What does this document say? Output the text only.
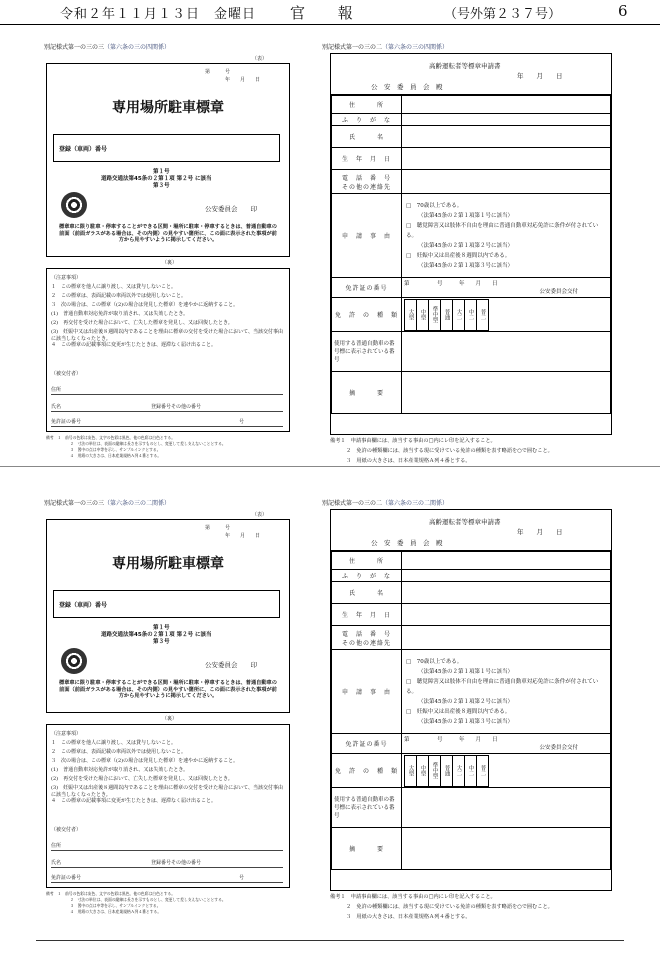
令和２年１１月１３日　金曜日 官 報	（号外第２３７号）	6
別記様式第一の三の三（第六条の三の四関係）
（表）
第　　　号
年　　月　　日
専用場所駐車標章
登録（車両）番号
第１号
道路交通法第45条の２第１項 第２号 に該当
第３号
公安委員会　　印
標章車に限り駐車・停車することができる区間・場所に駐車・停車するときは、普通自動車の前面（前面ガラスがある場合は、その内側）の見やすい箇所に、この面に表示された事項が前方から見やすいように掲示してください。
（裏）
（注意事項）
１　この標章を他人に譲り渡し、又は貸与しないこと。
２　この標章は、表面記載の車両以外では使用しないこと。
３　次の場合は、この標章（(2)の場合は発見した標章）を速やかに返納すること。
(1)　普通自動車対応免許が取り消され、又は失効したとき。
(2)　再交付を受けた場合において、亡失した標章を発見し、又は回復したとき。
(3)　妊娠中又は出産後８週間以内であることを理由に標章の交付を受けた場合において、当該交付事由に該当しなくなったとき。
４　この標章の記載事項に変更が生じたときは、遅滞なく届け出ること。
（被交付者）
住所
氏名	登録番号その他の番号
免許証の番号	号
備考　１　前号の色彩は灰色、文字の色彩は黒色、他の色彩は白色とする。
２　寸法の単位は、表面の縦線は長さを示すものとし、変更して差し支えないこととする。
３　図中の点は中等を示し、サンプルインクとする。
４　用紙の大きさは、日本産業規格Ａ列４番とする。
別記様式第一の三の二（第六条の三の四関係）
高齢運転者等標章申請書
年　　月　　日
公　安　委　員　会　殿
住　　　所	
ふ　り　が　な	
氏　　　名	
生　年　月　日	

電　話　番　号
その他の連絡先

申　請　事　由	
□　70歳以上である。
（法第45条の２第１項第１号に該当）
□　聴覚障害又は肢体不自由を理由に普通自動車対応免許に条件が付されている。
（法第45条の２第１項第２号に該当）
□　妊娠中又は出産後８週間以内である。
（法第45条の２第１項第３号に該当）

免許証の番号	
第　　　　　号　　　年　　月　　日
公安委員会交付

免　許　の　種　類	大型	中型	準中型	普通	大二	中二	普二

使用する普通自動車の番号標に表示されている番号	
摘　　　要	
備考１　申請事由欄には、該当する事由の□内にレ印を記入すること。
２　免許の種類欄には、該当する現に受けている免許の種類を表す略語を○で囲むこと。
３　用紙の大きさは、日本産業規格Ａ列４番とする。
別記様式第一の三の三（第六条の三の二関係）
（表）
第　　　号
年　　月　　日
専用場所駐車標章
登録（車両）番号
第１号
道路交通法第45条の２第１項 第２号 に該当
第３号
公安委員会　　印
標章車に限り駐車・停車することができる区間・場所に駐車・停車するときは、普通自動車の前面（前面ガラスがある場合は、その内側）の見やすい箇所に、この面に表示された事項が前方から見やすいように掲示してください。
（裏）
（注意事項）
１　この標章を他人に譲り渡し、又は貸与しないこと。
２　この標章は、表面記載の車両以外では使用しないこと。
３　次の場合は、この標章（(2)の場合は発見した標章）を速やかに返納すること。
(1)　普通自動車対応免許が取り消され、又は失効したとき。
(2)　再交付を受けた場合において、亡失した標章を発見し、又は回復したとき。
(3)　妊娠中又は出産後８週間以内であることを理由に標章の交付を受けた場合において、当該交付事由に該当しなくなったとき。
４　この標章の記載事項に変更が生じたときは、遅滞なく届け出ること。
（被交付者）
住所
氏名	登録番号その他の番号
免許証の番号	号
備考　１　前号の色彩は灰色、文字の色彩は黒色、他の色彩は白色とする。
２　寸法の単位は、表面の縦線は長さを示すものとし、変更して差し支えないこととする。
３　図中の点は中等を示し、サンプルインクとする。
４　用紙の大きさは、日本産業規格Ａ列４番とする。
別記様式第一の三の二（第六条の三の二関係）
高齢運転者等標章申請書
年　　月　　日
公　安　委　員　会　殿
住　　　所	
ふ　り　が　な	
氏　　　名	
生　年　月　日	

電　話　番　号
その他の連絡先

申　請　事　由	
□　70歳以上である。
（法第45条の２第１項第１号に該当）
□　聴覚障害又は肢体不自由を理由に普通自動車対応免許に条件が付されている。
（法第45条の２第１項第２号に該当）
□　妊娠中又は出産後８週間以内である。
（法第45条の２第１項第３号に該当）

免許証の番号	
第　　　　　号　　　年　　月　　日
公安委員会交付

免　許　の　種　類	大型	中型	準中型	普通	大二	中二	普二

使用する普通自動車の番号標に表示されている番号	
摘　　　要	
備考１　申請事由欄には、該当する事由の□内にレ印を記入すること。
２　免許の種類欄には、該当する現に受けている免許の種類を表す略語を○で囲むこと。
３　用紙の大きさは、日本産業規格Ａ列４番とする。
